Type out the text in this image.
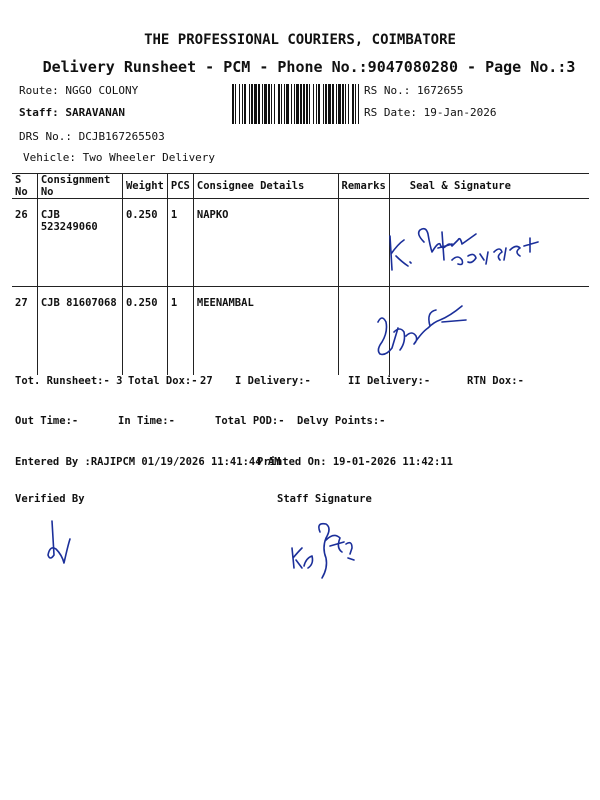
THE PROFESSIONAL COURIERS, COIMBATORE
Delivery Runsheet - PCM - Phone No.:9047080280 - Page No.:3
Route: NGGO COLONY
Staff: SARAVANAN
DRS No.: DCJB167265503
Vehicle: Two Wheeler Delivery
RS No.: 1672655
RS Date: 19-Jan-2026
S No	Consignment No	Weight	PCS	Consignee Details	Remarks	Seal & Signature
26	CJB 523249060	0.250	1	NAPKO		
27	CJB 81607068	0.250	1	MEENAMBAL		
Tot. Runsheet:- 3 Total Dox:- 27 I Delivery:-	II Delivery:-	RTN Dox:-
Out Time:-	In Time:-	Total POD:- Delvy Points:-
Entered By :RAJIPCM 01/19/2026 11:41:44 AM
Printed On: 19-01-2026 11:42:11
Verified By	Staff Signature
